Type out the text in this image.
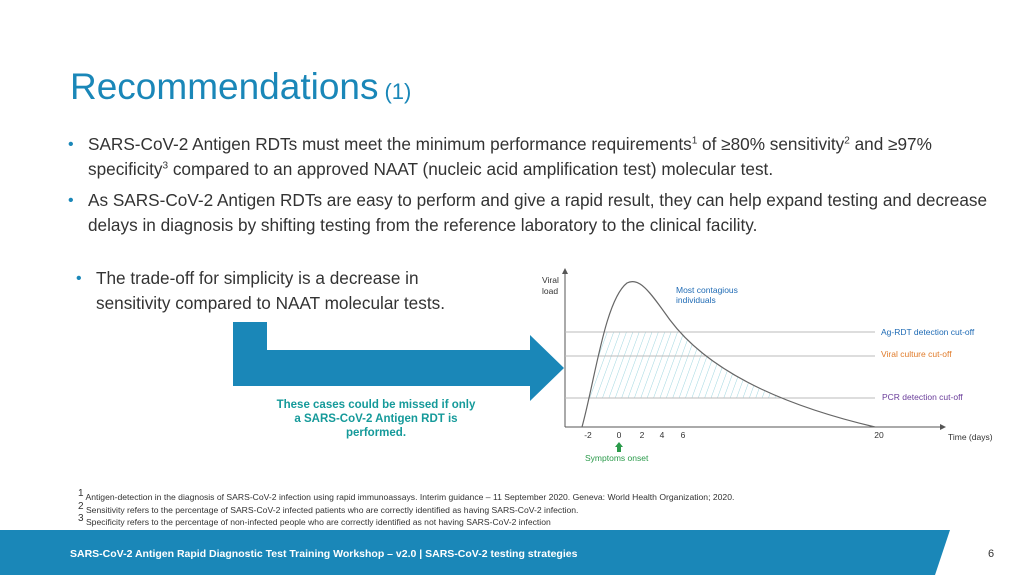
Recommendations (1)
• SARS-CoV-2 Antigen RDTs must meet the minimum performance requirements$^1$ of ≥80% sensitivity$^2$ and ≥97% specificity$^3$ compared to an approved NAAT (nucleic acid amplification test) molecular test.
• As SARS-CoV-2 Antigen RDTs are easy to perform and give a rapid result, they can help expand testing and decrease delays in diagnosis by shifting testing from the reference laboratory to the clinical facility.
• The trade-off for simplicity is a decrease in sensitivity compared to NAAT molecular tests.
Viral
load
Time (days)
-2	0 2 4 6	20
Most contagious
individuals
Ag-RDT detection cut-off
Viral culture cut-off
PCR detection cut-off
Symptoms onset
These cases could be missed if only a SARS-CoV-2 Antigen RDT is performed.
$^1$ Antigen-detection in the diagnosis of SARS-CoV-2 infection using rapid immunoassays. Interim guidance – 11 September 2020. Geneva: World Health Organization; 2020.
$^2$ Sensitivity refers to the percentage of SARS-CoV-2 infected patients who are correctly identified as having SARS-CoV-2 infection.
$^3$ Specificity refers to the percentage of non-infected people who are correctly identified as not having SARS-CoV-2 infection
SARS-CoV-2 Antigen Rapid Diagnostic Test Training Workshop – v2.0 | SARS-CoV-2 testing strategies	6
